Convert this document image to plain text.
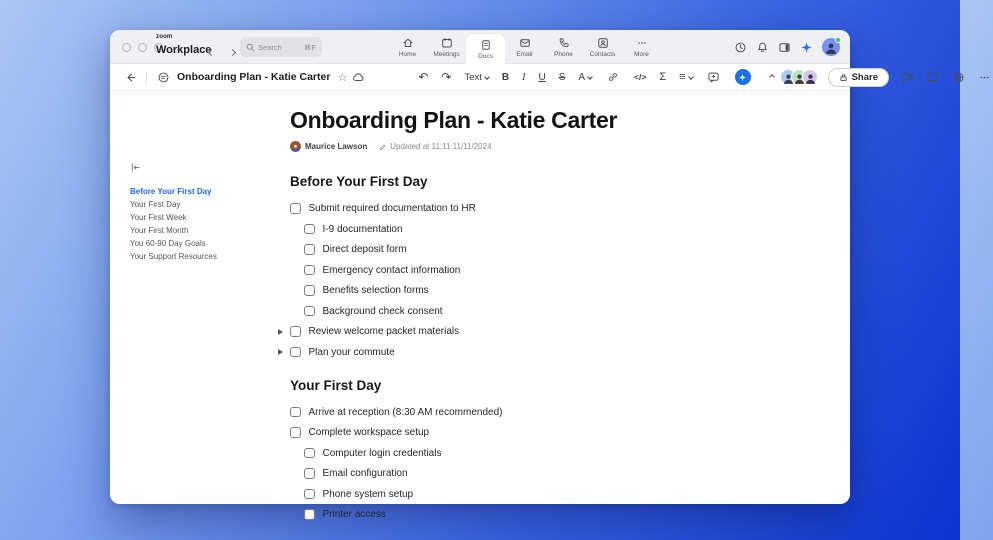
zoom
Workplace	Search	⌘F
Home	Meetings	Docs	Email	Phone	Contacts	More
Onboarding Plan - Katie Carter ☆	↶ ↷ Text B I U S A	</> Σ ≡	Share
Before Your First Day
Your First Day
Your First Week
Your First Month
You 60-90 Day Goals
Your Support Resources
Onboarding Plan - Katie Carter
Maurice Lawson	Updated at 11:11 11/11/2024
Before Your First Day
Submit required documentation to HR
I-9 documentation
Direct deposit form
Emergency contact information
Benefits selection forms
Background check consent
Review welcome packet materials
Plan your commute
Your First Day
Arrive at reception (8:30 AM recommended)
Complete workspace setup
Computer login credentials
Email configuration
Phone system setup
Printer access
